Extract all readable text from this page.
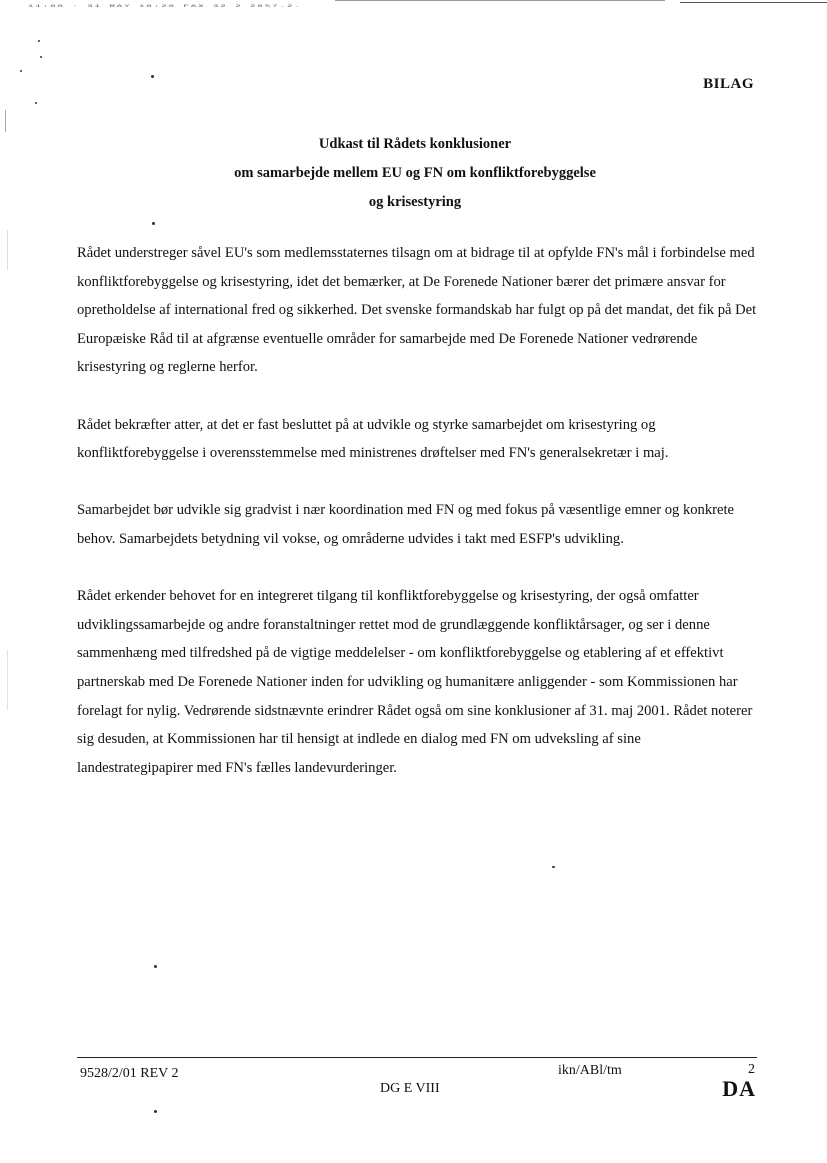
11:00 · 31 MAY 10:20 FAX 32 2 2857.2.
BILAG
Udkast til Rådets konklusioner
om samarbejde mellem EU og FN om konfliktforebyggelse
og krisestyring

Rådet understreger såvel EU's som medlemsstaternes tilsagn om at bidrage til at opfylde FN's mål i forbindelse med konfliktforebyggelse og krisestyring, idet det bemærker, at De Forenede Nationer bærer det primære ansvar for opretholdelse af international fred og sikkerhed. Det svenske formandskab har fulgt op på det mandat, det fik på Det Europæiske Råd til at afgrænse eventuelle områder for samarbejde med De Forenede Nationer vedrørende krisestyring og reglerne herfor.

Rådet bekræfter atter, at det er fast besluttet på at udvikle og styrke samarbejdet om krisestyring og konfliktforebyggelse i overensstemmelse med ministrenes drøftelser med FN's generalsekretær i maj.

Samarbejdet bør udvikle sig gradvist i nær koordination med FN og med fokus på væsentlige emner og konkrete behov. Samarbejdets betydning vil vokse, og områderne udvides i takt med ESFP's udvikling.

Rådet erkender behovet for en integreret tilgang til konfliktforebyggelse og krisestyring, der også omfatter udviklingssamarbejde og andre foranstaltninger rettet mod de grundlæggende konfliktårsager, og ser i denne sammenhæng med tilfredshed på de vigtige meddelelser - om konfliktforebyggelse og etablering af et effektivt partnerskab med De Forenede Nationer inden for udvikling og humanitære anliggender - som Kommissionen har forelagt for nylig. Vedrørende sidstnævnte erindrer Rådet også om sine konklusioner af 31. maj 2001. Rådet noterer sig desuden, at Kommissionen har til hensigt at indlede en dialog med FN om udveksling af sine landestrategipapirer med FN's fælles landevurderinger.

9528/2/01 REV 2	ikn/ABl/tm	2
DG E VIII	DA
